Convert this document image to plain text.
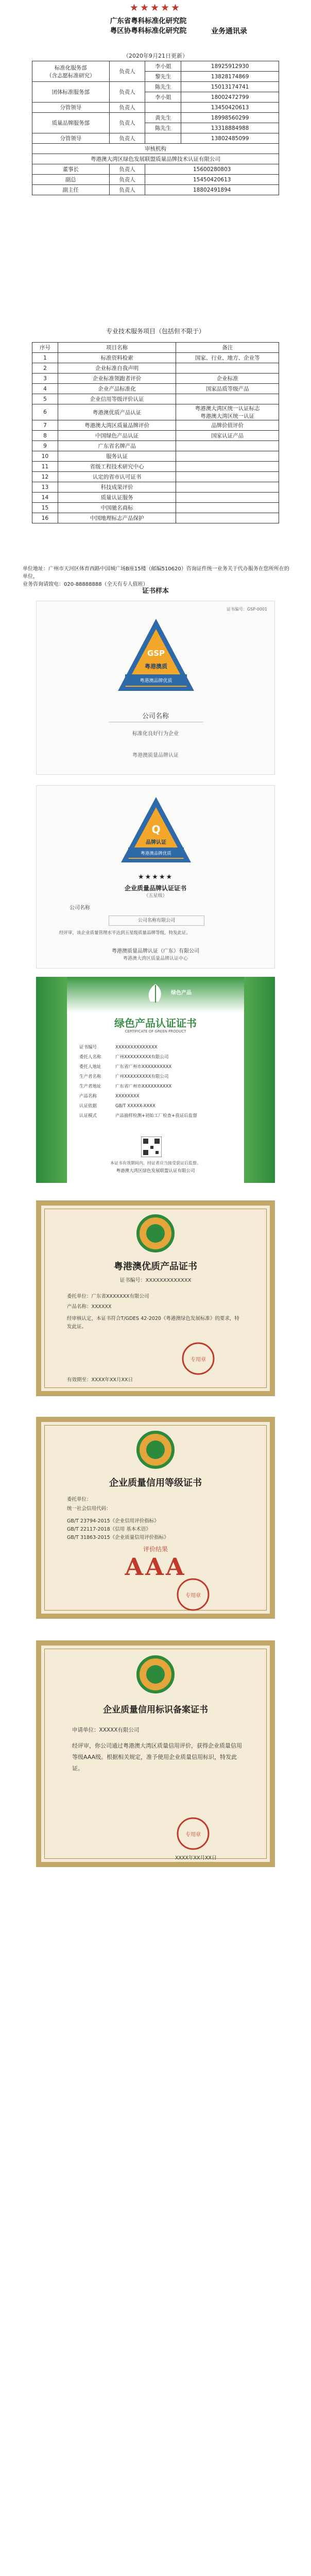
★★★★★
广东省粤科标准化研究院
粤区协粤科标准化研究院	业务通讯录
（2020年9月21日更新）
标准化服务部
（含志愿标准研究）	负责人	李小姐	18925912930
		黎先生	13828174869
团体标准服务部	负责人	陈先生	15013174741
		李小姐	18002472799
分管领导	负责人		13450420613
质量品牌服务部	负责人	黄先生	18998560299
		陈先生	13318884988
分管领导	负责人		13802485099
审核机构			
粤港澳大湾区绿色发展联盟质量品牌技术认证有限公司			
董事长	负责人	15600280803	
副总	负责人	15450420613	
副主任	负责人	18802491894	
专业技术服务项目（包括但不限于）
序号	项目名称	备注
1	标准资料检索	国家、行业、地方、企业等
2	企业标准自我声明	
3	企业标准领跑者评价	企业标准
4	企业产品标准化	国家品质等级产品
5	企业信用等级评价认证	
6	粤港澳优质产品认证	粤港澳大湾区统一认证标志
粤港澳大湾区统一认证
7	粤港澳大湾区质量品牌评价	品牌价值评价
8	中国绿色产品认证	国家认证产品
9	广东省名牌产品	
10	服务认证	
11	省级工程技术研究中心	
12	认定的省市认可证书	
13	科技成果评价	
14	质量认证服务	
15	中国驰名商标	
16	中国地理标志产品保护	
单位地址：广州市天河区体育西路中国城广场B座15楼（邮编510620）咨询证件统一业务关于代办服务在您所所在的单位，
业务咨询请致电：020-88888888（全天有专人值班）
证书样本
证书编号：GSP-0001
GSP
粤港澳质
粤港澳品牌优质
公司名称
标准化良好行为企业
粤港澳质量品牌认证
Q
品牌认证
粤港澳品牌优质
★★★★★
企业质量品牌认证证书
（五星级）
公司名称
公司名称有限公司
经评审，该企业质量管理水平达到五星级质量品牌等级，特发此证。
粤港澳质量品牌认证（广东）有限公司
粤港澳大湾区质量品牌认证中心
绿色产品
绿色产品认证证书
CERTIFICATE OF GREEN PRODUCT
证书编号	XXXXXXXXXXXXXX
委托人名称	广州XXXXXXXXX有限公司
委托人地址	广东省广州市XXXXXXXXXX
生产者名称	广州XXXXXXXXX有限公司
生产者地址	广东省广州市XXXXXXXXXX
产品名称	XXXXXXXX
认证依据	GB/T XXXXX-XXXX
认证模式	产品抽样检测+初始工厂检查+获证后监督
本证书有效期间内，持证者应当接受获证后监督。
粤港澳大湾区绿色发展联盟认证有限公司
粤港澳优质产品证书
证书编号：XXXXXXXXXXXXX
委托单位：广东省XXXXXXX有限公司
产品名称：XXXXXX
经审核认定，本证书符合T/GDES 42-2020《粤港澳绿色发展标准》的要求，特发此证。
专用章
有效期至：XXXX年XX月XX日
企业质量信用等级证书
委托单位：
统一社会信用代码：
GB/T 23794-2015《企业信用评价指标》
GB/T 22117-2018《信用 基本术语》
GB/T 31863-2015《企业质量信用评价指标》
评价结果
AAA
专用章
企业质量信用标识备案证书
申请单位：XXXXX有限公司
经评审，你公司通过粤港澳大湾区质量信用评价，获得企业质量信用等级AAA级。根据相关规定，准予使用企业质量信用标识，特发此证。
专用章
XXXX年XX月XX日
